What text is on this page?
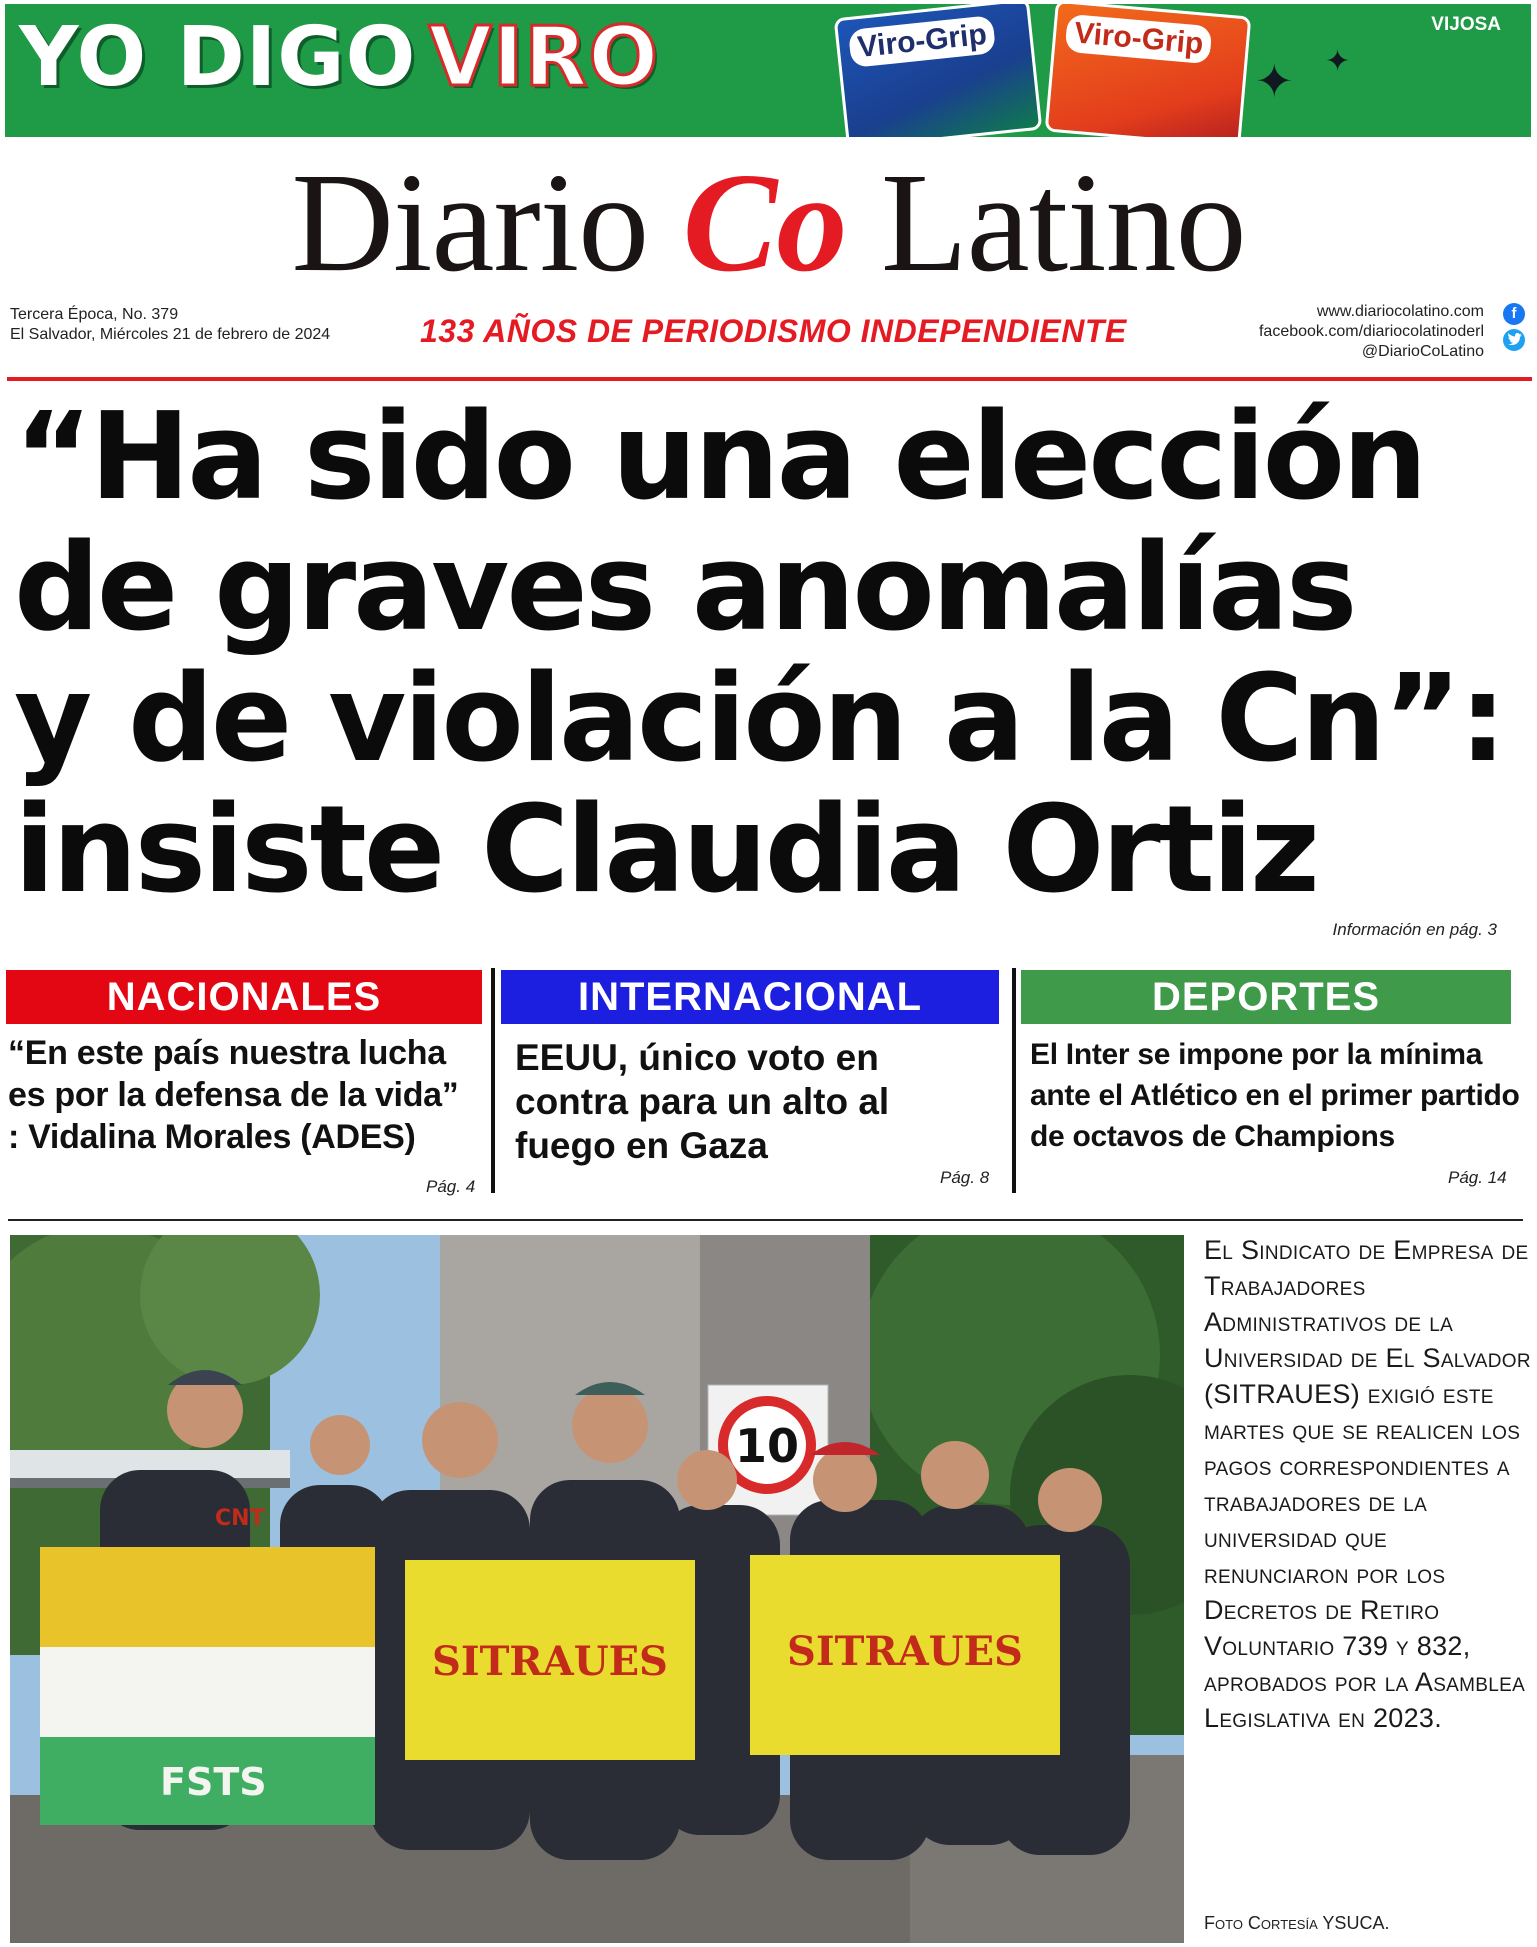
YO DIGO VIRO	Viro-Grip	Viro-Grip
✦ ✦
VIJOSA
Diario Co Latino
Tercera Época, No. 379
El Salvador, Miércoles 21 de febrero de 2024	133 AÑOS DE PERIODISMO INDEPENDIENTE
www.diariocolatino.com
facebook.com/diariocolatinoderl
@DiarioCoLatino
f
“Ha sido una elección
de graves anomalías
y de violación a la Cn”:
insiste Claudia Ortiz
Información en pág. 3
NACIONALES
“En este país nuestra lucha es por la defensa de la vida” : Vidalina Morales (ADES)
Pág. 4
INTERNACIONAL
EEUU, único voto en contra para un alto al fuego en Gaza
Pág. 8
DEPORTES
El Inter se impone por la mínima ante el Atlético en el primer partido de octavos de Champions
Pág. 14
10
FSTS
SITRAUES	SITRAUES
CNT
El Sindicato de Empresa de Trabajadores Administrativos de la Universidad de El Salvador (SITRAUES) exigió este martes que se realicen los pagos correspondientes a trabajadores de la universidad que renunciaron por los Decretos de Retiro Voluntario 739 y 832, aprobados por la Asamblea Legislativa en 2023.
Foto Cortesía YSUCA.
